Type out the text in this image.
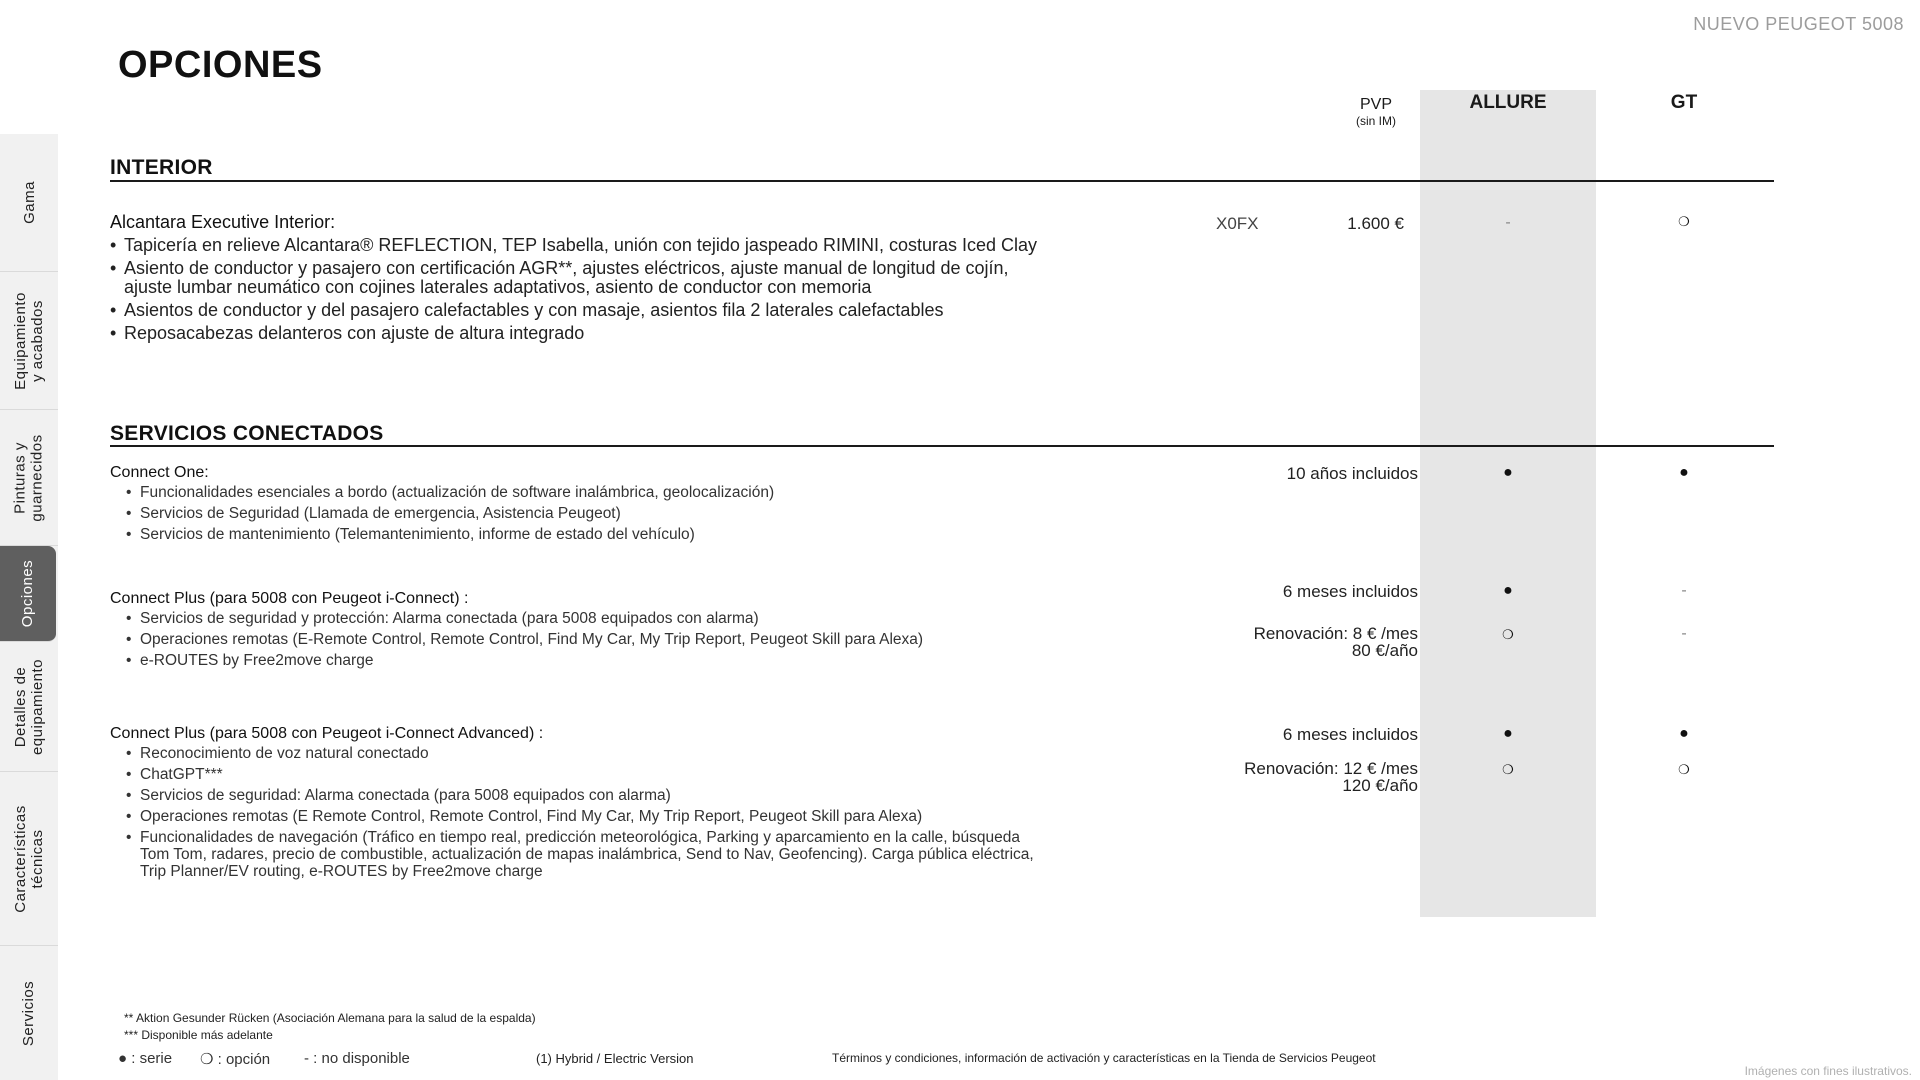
Gama
Equipamiento
y acabados
Pinturas y
guarnecidos
Opciones
Detalles de
equipamiento
Características
técnicas
Servicios
NUEVO PEUGEOT 5008
OPCIONES
PVP
(sin IM)
ALLURE	GT
INTERIOR
Alcantara Executive Interior:
• Tapicería en relieve Alcantara® REFLECTION, TEP Isabella, unión con tejido jaspeado RIMINI, costuras Iced Clay
• Asiento de conductor y pasajero con certificación AGR**, ajustes eléctricos, ajuste manual de longitud de cojín, ajuste lumbar neumático con cojines laterales adaptativos, asiento de conductor con memoria
• Asientos de conductor y del pasajero calefactables y con masaje, asientos fila 2 laterales calefactables
• Reposacabezas delanteros con ajuste de altura integrado
X0FX	1.600 €	-	❍
SERVICIOS CONECTADOS
Connect One:
• Funcionalidades esenciales a bordo (actualización de software inalámbrica, geolocalización)
• Servicios de Seguridad (Llamada de emergencia, Asistencia Peugeot)
• Servicios de mantenimiento (Telemantenimiento, informe de estado del vehículo)
10 años incluidos	●	●
Connect Plus (para 5008 con Peugeot i-Connect) :
• Servicios de seguridad y protección: Alarma conectada (para 5008 equipados con alarma)
• Operaciones remotas (E-Remote Control, Remote Control, Find My Car, My Trip Report, Peugeot Skill para Alexa)
• e-ROUTES by Free2move charge
6 meses incluidos	●	-
Renovación: 8 € /mes
80 €/año
❍	-
Connect Plus (para 5008 con Peugeot i-Connect Advanced) :
• Reconocimiento de voz natural conectado
• ChatGPT***
• Servicios de seguridad: Alarma conectada (para 5008 equipados con alarma)
• Operaciones remotas (E Remote Control, Remote Control, Find My Car, My Trip Report, Peugeot Skill para Alexa)
• Funcionalidades de navegación (Tráfico en tiempo real, predicción meteorológica, Parking y aparcamiento en la calle, búsqueda Tom Tom, radares, precio de combustible, actualización de mapas inalámbrica, Send to Nav, Geofencing). Carga pública eléctrica, Trip Planner/EV routing, e-ROUTES by Free2move charge
6 meses incluidos	●	●
Renovación: 12 € /mes
120 €/año
❍	❍
** Aktion Gesunder Rücken (Asociación Alemana para la salud de la espalda)
*** Disponible más adelante
● : serie ❍ : opción - : no disponible	(1) Hybrid / Electric Version	Términos y condiciones, información de activación y características en la Tienda de Servicios Peugeot
Imágenes con fines ilustrativos.
